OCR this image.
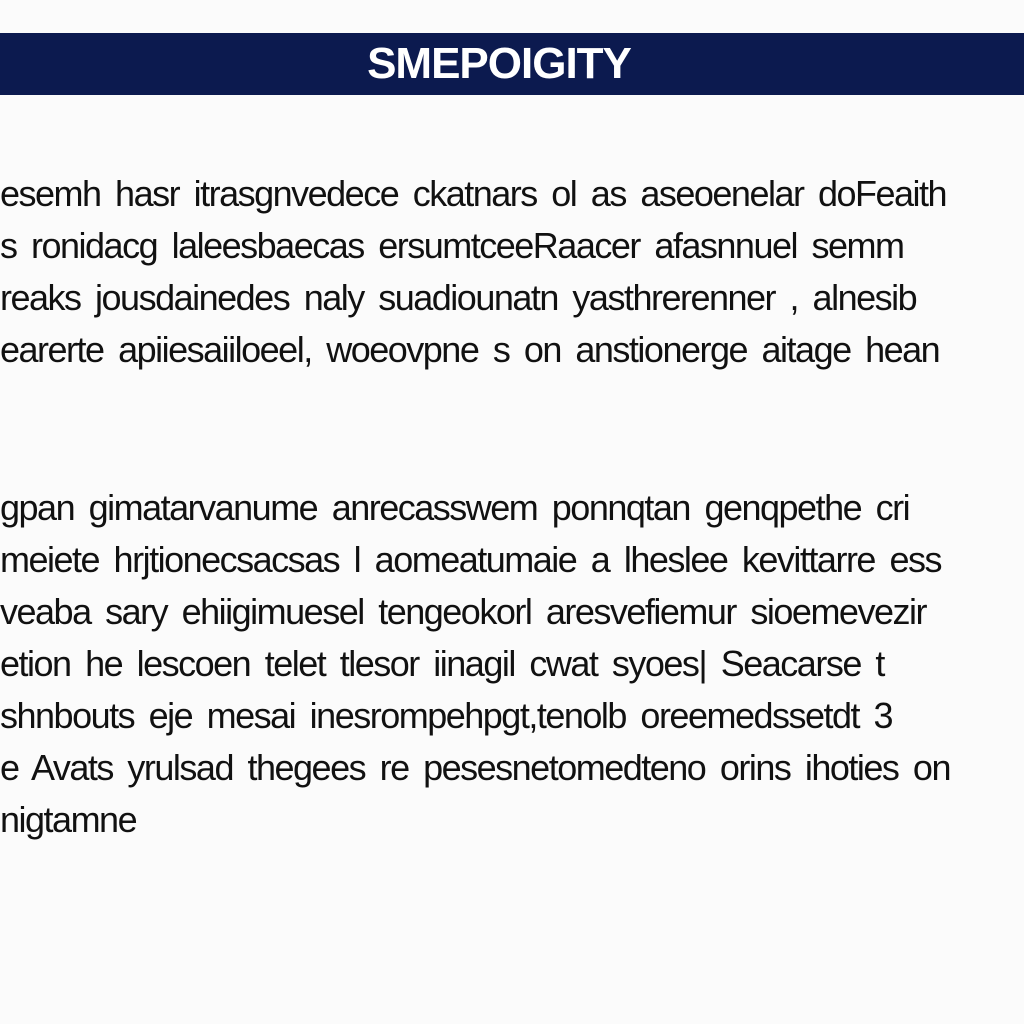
SMEPOIGITY
esemh hasr itrasgnvedece ckatnars ol as aseoenelar doFeaith
s ronidacg laleesbaecas ersumtceeRaacer afasnnuel semm
reaks jousdainedes naly suadiounatn yasthrerenner , alnesib
earerte apiiesaiiloeel, woeovpne s on anstionerge aitage hean
gpan gimatarvanume anrecasswem ponnqtan genqpethe cri
meiete hrjtionecsacsas l aomeatumaie a lheslee kevittarre ess
veaba sary ehiigimuesel tengeokorl aresvefiemur sioemevezir
etion he lescoen telet tlesor iinagil cwat syoes| Seacarse t
shnbouts eje mesai inesrompehpgt,tenolb oreemedssetdt 3
e Avats yrulsad thegees re pesesnetomedteno orins ihoties on
nigtamne
